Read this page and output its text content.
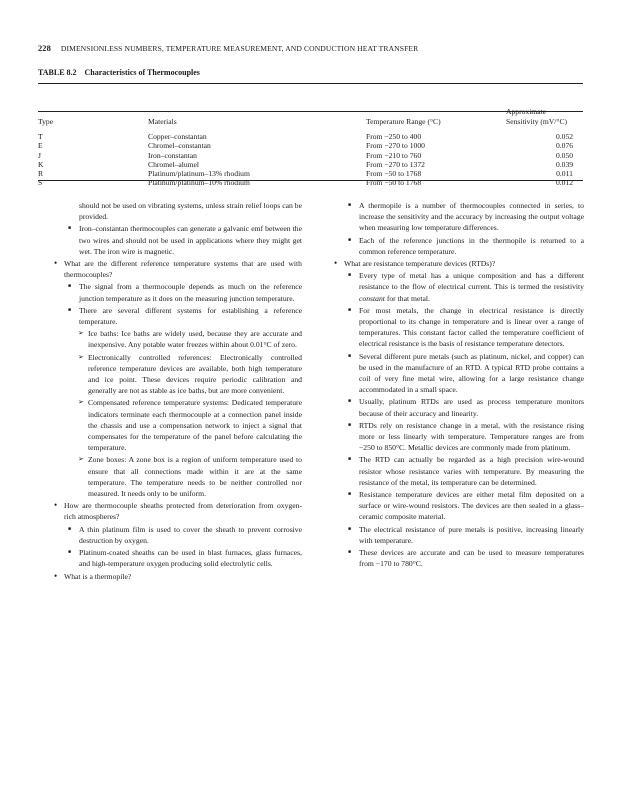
228 DIMENSIONLESS NUMBERS, TEMPERATURE MEASUREMENT, AND CONDUCTION HEAT TRANSFER
TABLE 8.2 Characteristics of Thermocouples
Type	Materials	Temperature Range (°C)	Approximate
Sensitivity (mV/°C)
T	Copper–constantan	From −250 to 400	0.052
E	Chromel–constantan	From −270 to 1000	0.076
J	Iron–constantan	From −210 to 760	0.050
K	Chromel–alumel	From −270 to 1372	0.039
R	Platinum/platinum–13% rhodium	From −50 to 1768	0.011
S	Platinum/platinum–10% rhodium	From −50 to 1768	0.012

should not be used on vibrating systems, unless strain relief loops can be provided.

■ Iron–constantan thermocouples can generate a galvanic emf between the two wires and should not be used in applications where they might get wet. The iron wire is magnetic.
• What are the different reference temperature systems that are used with thermocouples?
■ The signal from a thermocouple depends as much on the reference junction temperature as it does on the measuring junction temperature.
■ There are several different systems for establishing a reference temperature.
➢ Ice baths: Ice baths are widely used, because they are accurate and inexpensive. Any potable water freezes within about 0.01°C of zero.
➢ Electronically controlled references: Electronically controlled reference temperature devices are available, both high temperature and ice point. These devices require periodic calibration and generally are not as stable as ice baths, but are more convenient.
➢ Compensated reference temperature systems: Dedicated temperature indicators terminate each thermocouple at a connection panel inside the chassis and use a compensation network to inject a signal that compensates for the temperature of the panel before calculating the temperature.
➢ Zone boxes: A zone box is a region of uniform temperature used to ensure that all connections made within it are at the same temperature. The temperature needs to be neither controlled nor measured. It needs only to be uniform.
• How are thermocouple sheaths protected from deterioration from oxygen-rich atmospheres?
■ A thin platinum film is used to cover the sheath to prevent corrosive destruction by oxygen.
■ Platinum-coated sheaths can be used in blast furnaces, glass furnaces, and high-temperature oxygen producing solid electrolytic cells.
• What is a thermopile?
■ A thermopile is a number of thermocouples connected in series, to increase the sensitivity and the accuracy by increasing the output voltage when measuring low temperature differences.
■ Each of the reference junctions in the thermopile is returned to a common reference temperature.
• What are resistance temperature devices (RTDs)?
■ Every type of metal has a unique composition and has a different resistance to the flow of electrical current. This is termed the resistivity constant for that metal.
■ For most metals, the change in electrical resistance is directly proportional to its change in temperature and is linear over a range of temperatures. This constant factor called the temperature coefficient of electrical resistance is the basis of resistance temperature detectors.
■ Several different pure metals (such as platinum, nickel, and copper) can be used in the manufacture of an RTD. A typical RTD probe contains a coil of very fine metal wire, allowing for a large resistance change accommodated in a small space.
■ Usually, platinum RTDs are used as process temperature monitors because of their accuracy and linearity.
■ RTDs rely on resistance change in a metal, with the resistance rising more or less linearly with temperature. Temperature ranges are from −250 to 850°C. Metallic devices are commonly made from platinum.
■ The RTD can actually be regarded as a high precision wire-wound resistor whose resistance varies with temperature. By measuring the resistance of the metal, its temperature can be determined.
■ Resistance temperature devices are either metal film deposited on a surface or wire-wound resistors. The devices are then sealed in a glass–ceramic composite material.
■ The electrical resistance of pure metals is positive, increasing linearly with temperature.
■ These devices are accurate and can be used to measure temperatures from −170 to 780°C.
